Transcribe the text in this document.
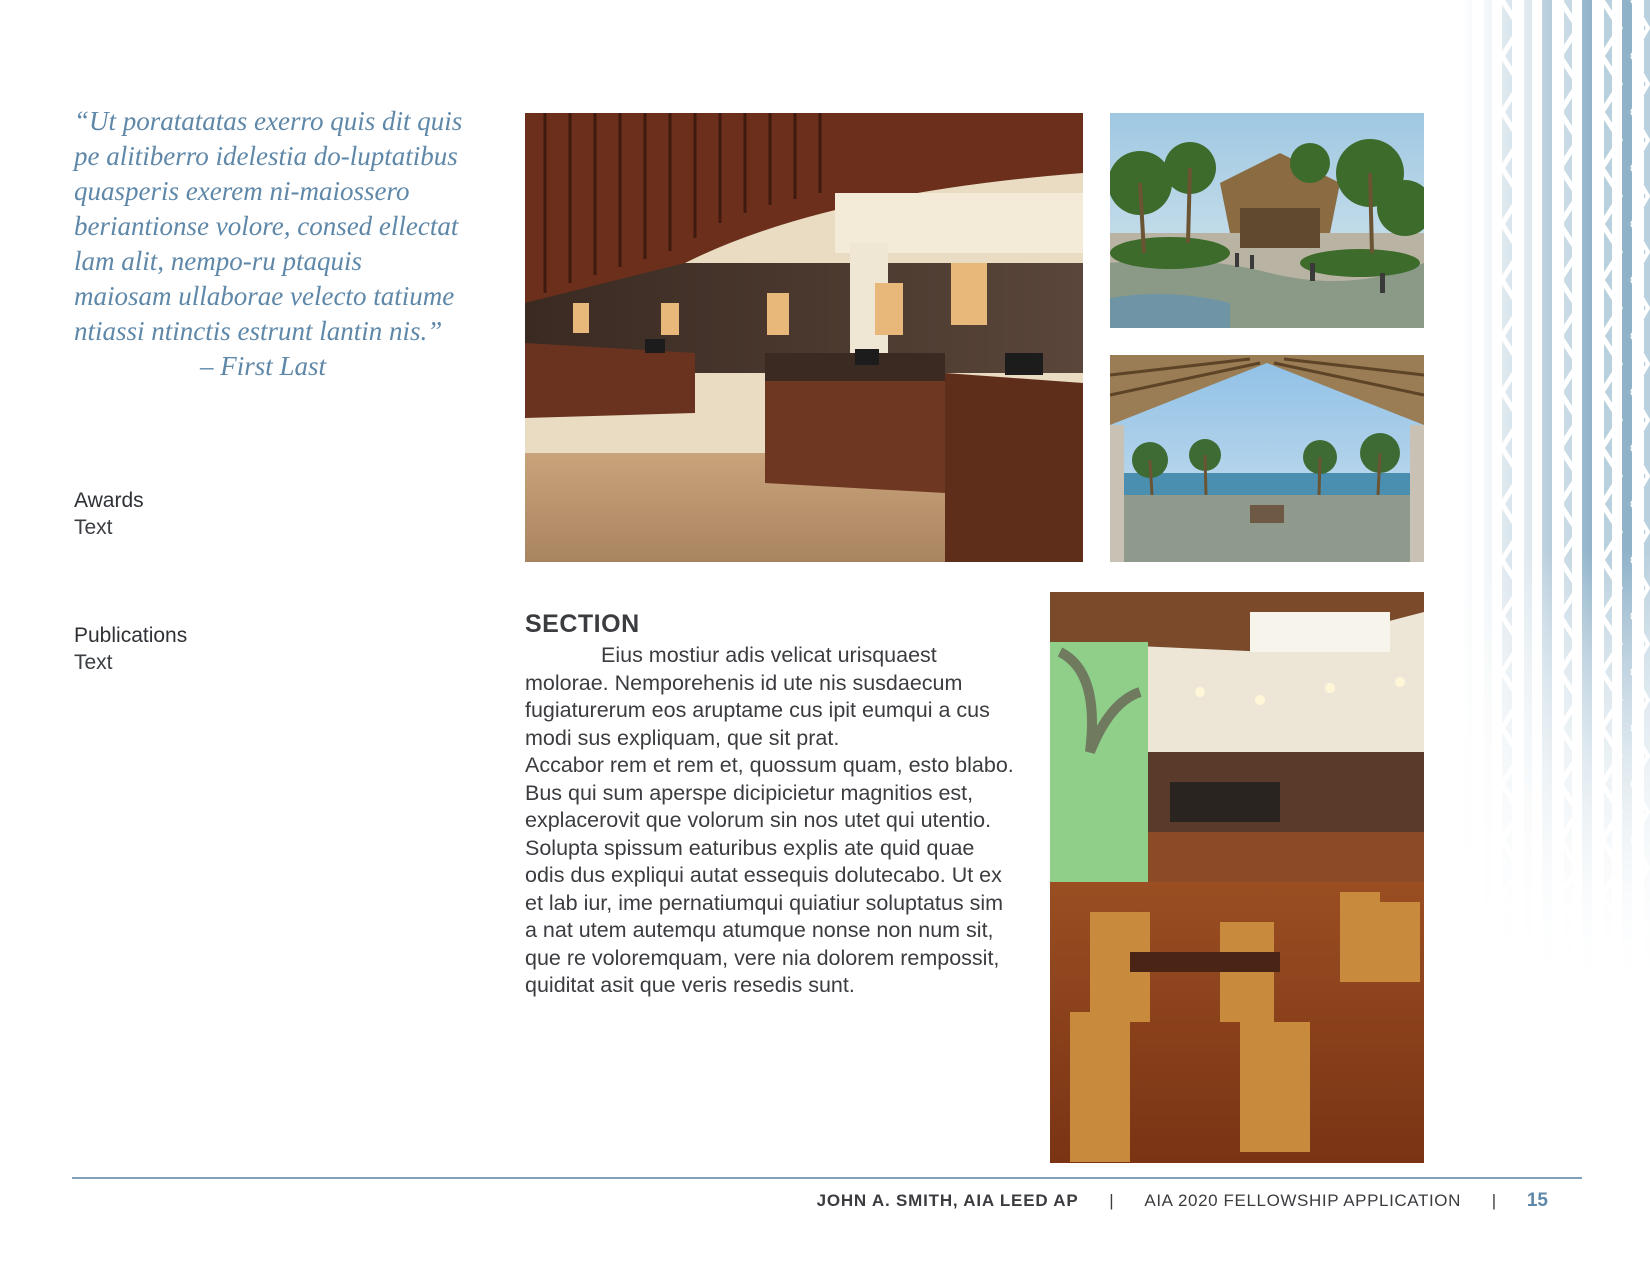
“Ut poratatatas exerro quis dit quis pe alitiberro idelestia do-luptatibus quasperis exerem ni-maiossero beriantionse volore, consed ellectat lam alit, nempo-ru ptaquis maiosam ullaborae velecto tatiume ntiassi ntinctis estrunt lantin nis.”

– First Last

Awards
Text
Publications
Text
SECTION

Eius mostiur adis velicat urisquaest molorae. Nemporehenis id ute nis susdaecum fugiaturerum eos aruptame cus ipit eumqui a cus modi sus expliquam, que sit prat.

Accabor rem et rem et, quossum quam, esto blabo. Bus qui sum aperspe dicipicietur magnitios est, explacerovit que volorum sin nos utet qui utentio. Solupta spissum eaturibus explis ate quid quae odis dus expliqui autat essequis dolutecabo. Ut ex et lab iur, ime pernatiumqui quiatiur soluptatus sim a nat utem autemqu atumque nonse non num sit, que re voloremquam, vere nia dolorem rempossit, quiditat asit que veris resedis sunt.

JOHN A. SMITH, AIA LEED AP | AIA 2020 FELLOWSHIP APPLICATION | 15
